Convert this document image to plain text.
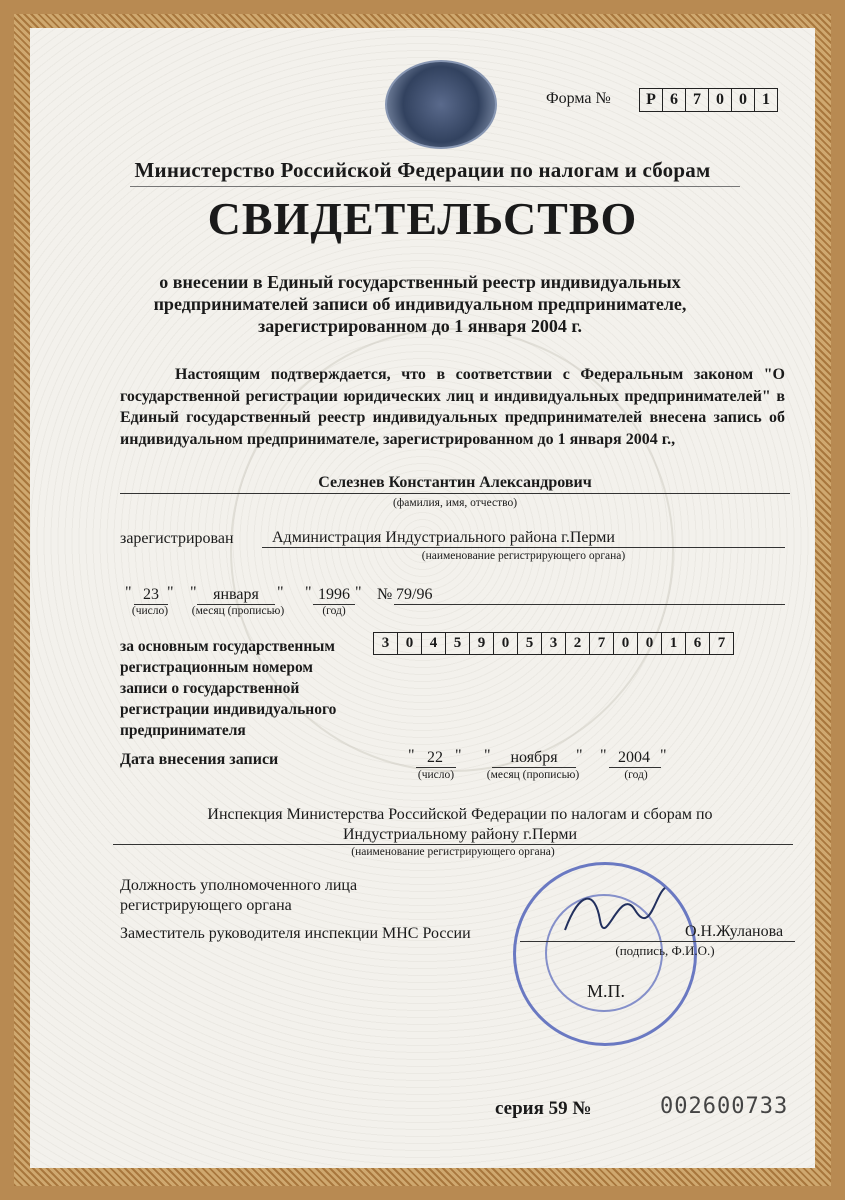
Форма №	Р 6 7 0 0 1
Министерство Российской Федерации по налогам и сборам
СВИДЕТЕЛЬСТВО
о внесении в Единый государственный реестр индивидуальных
предпринимателей записи об индивидуальном предпринимателе,
зарегистрированном до 1 января 2004 г.
Настоящим подтверждается, что в соответствии с Федеральным законом "О государственной регистрации юридических лиц и индивидуальных предпринимателей" в Единый государственный реестр индивидуальных предпринимателей внесена запись об индивидуальном предпринимателе, зарегистрированном до 1 января 2004 г.,
Селезнев Константин Александрович
(фамилия, имя, отчество)
зарегистрирован Администрация Индустриального района г.Перми
(наименование регистрирующего органа)
" 23 "
(число)
"	января	"
(месяц (прописью)
" 1996 "
(год)
№ 79/96
за основным государственным
регистрационным номером
записи о государственной
регистрации индивидуального
предпринимателя
3	0	4	5	9	0	5	3	2	7	0	0	1	6	7
Дата внесения записи	" 22 "
(число)
"	ноября	"
(месяц (прописью)
" 2004 "
(год)
Инспекция Министерства Российской Федерации по налогам и сборам по
Индустриальному району г.Перми
(наименование регистрирующего органа)
Должность уполномоченного лица
регистрирующего органа
Заместитель руководителя инспекции МНС России	О.Н.Жуланова
(подпись, Ф.И.О.)
М.П.
серия 59 №	002600733
